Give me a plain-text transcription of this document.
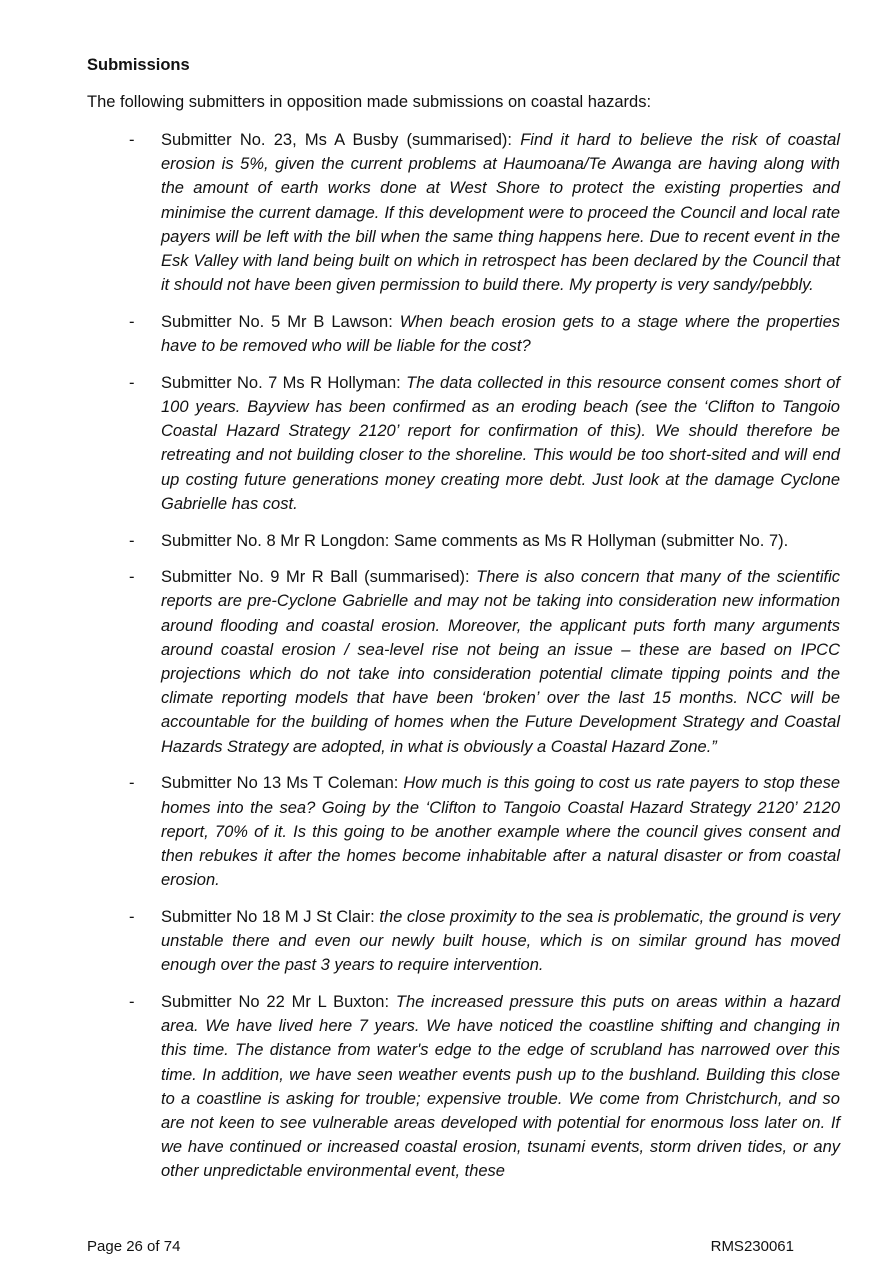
Submissions

The following submitters in opposition made submissions on coastal hazards:

- Submitter No. 23, Ms A Busby (summarised): Find it hard to believe the risk of coastal erosion is 5%, given the current problems at Haumoana/Te Awanga are having along with the amount of earth works done at West Shore to protect the existing properties and minimise the current damage. If this development were to proceed the Council and local rate payers will be left with the bill when the same thing happens here. Due to recent event in the Esk Valley with land being built on which in retrospect has been declared by the Council that it should not have been given permission to build there. My property is very sandy/pebbly.
- Submitter No. 5 Mr B Lawson: When beach erosion gets to a stage where the properties have to be removed who will be liable for the cost?
- Submitter No. 7 Ms R Hollyman: The data collected in this resource consent comes short of 100 years. Bayview has been confirmed as an eroding beach (see the ‘Clifton to Tangoio Coastal Hazard Strategy 2120’ report for confirmation of this). We should therefore be retreating and not building closer to the shoreline. This would be too short-sited and will end up costing future generations money creating more debt. Just look at the damage Cyclone Gabrielle has cost.
- Submitter No. 8 Mr R Longdon: Same comments as Ms R Hollyman (submitter No. 7).
- Submitter No. 9 Mr R Ball (summarised): There is also concern that many of the scientific reports are pre-Cyclone Gabrielle and may not be taking into consideration new information around flooding and coastal erosion. Moreover, the applicant puts forth many arguments around coastal erosion / sea-level rise not being an issue – these are based on IPCC projections which do not take into consideration potential climate tipping points and the climate reporting models that have been ‘broken’ over the last 15 months. NCC will be accountable for the building of homes when the Future Development Strategy and Coastal Hazards Strategy are adopted, in what is obviously a Coastal Hazard Zone.”
- Submitter No 13 Ms T Coleman: How much is this going to cost us rate payers to stop these homes into the sea? Going by the ‘Clifton to Tangoio Coastal Hazard Strategy 2120’ 2120 report, 70% of it. Is this going to be another example where the council gives consent and then rebukes it after the homes become inhabitable after a natural disaster or from coastal erosion.
- Submitter No 18 M J St Clair: the close proximity to the sea is problematic, the ground is very unstable there and even our newly built house, which is on similar ground has moved enough over the past 3 years to require intervention.
- Submitter No 22 Mr L Buxton: The increased pressure this puts on areas within a hazard area. We have lived here 7 years. We have noticed the coastline shifting and changing in this time. The distance from water's edge to the edge of scrubland has narrowed over this time. In addition, we have seen weather events push up to the bushland. Building this close to a coastline is asking for trouble; expensive trouble. We come from Christchurch, and so are not keen to see vulnerable areas developed with potential for enormous loss later on. If we have continued or increased coastal erosion, tsunami events, storm driven tides, or any other unpredictable environmental event, these
Page 26 of 74	RMS230061
